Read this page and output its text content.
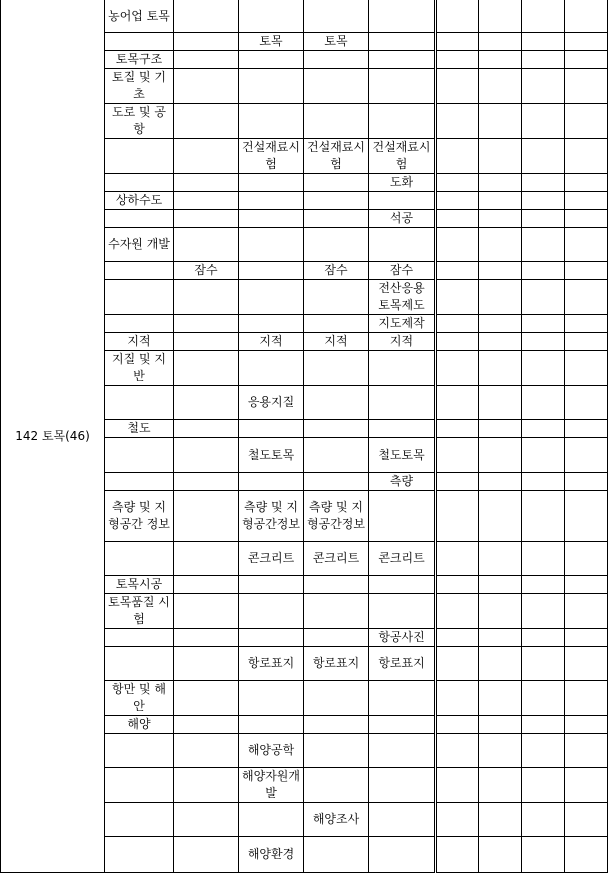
142 토목(46)	농어업 토목								
			토목	토목					
	토목구조								
	토질 및 기초								
	도로 및 공항								
			건설재료시험	건설재료시험	건설재료시험				
					도화				
	상하수도								
					석공				
	수자원 개발								
		잠수		잠수	잠수				
					전산응용 토목제도				
					지도제작				
	지적		지적	지적	지적				
	지질 및 지반								
			응용지질						
	철도								
			철도토목		철도토목				
					측량				
	측량 및 지형공간 정보		측량 및 지형공간정보	측량 및 지형공간정보					
			콘크리트	콘크리트	콘크리트				
	토목시공								
	토목품질 시험								
					항공사진				
			항로표지	항로표지	항로표지				
	항만 및 해안								
	해양								
			해양공학						
			해양자원개발						
				해양조사					
			해양환경						
